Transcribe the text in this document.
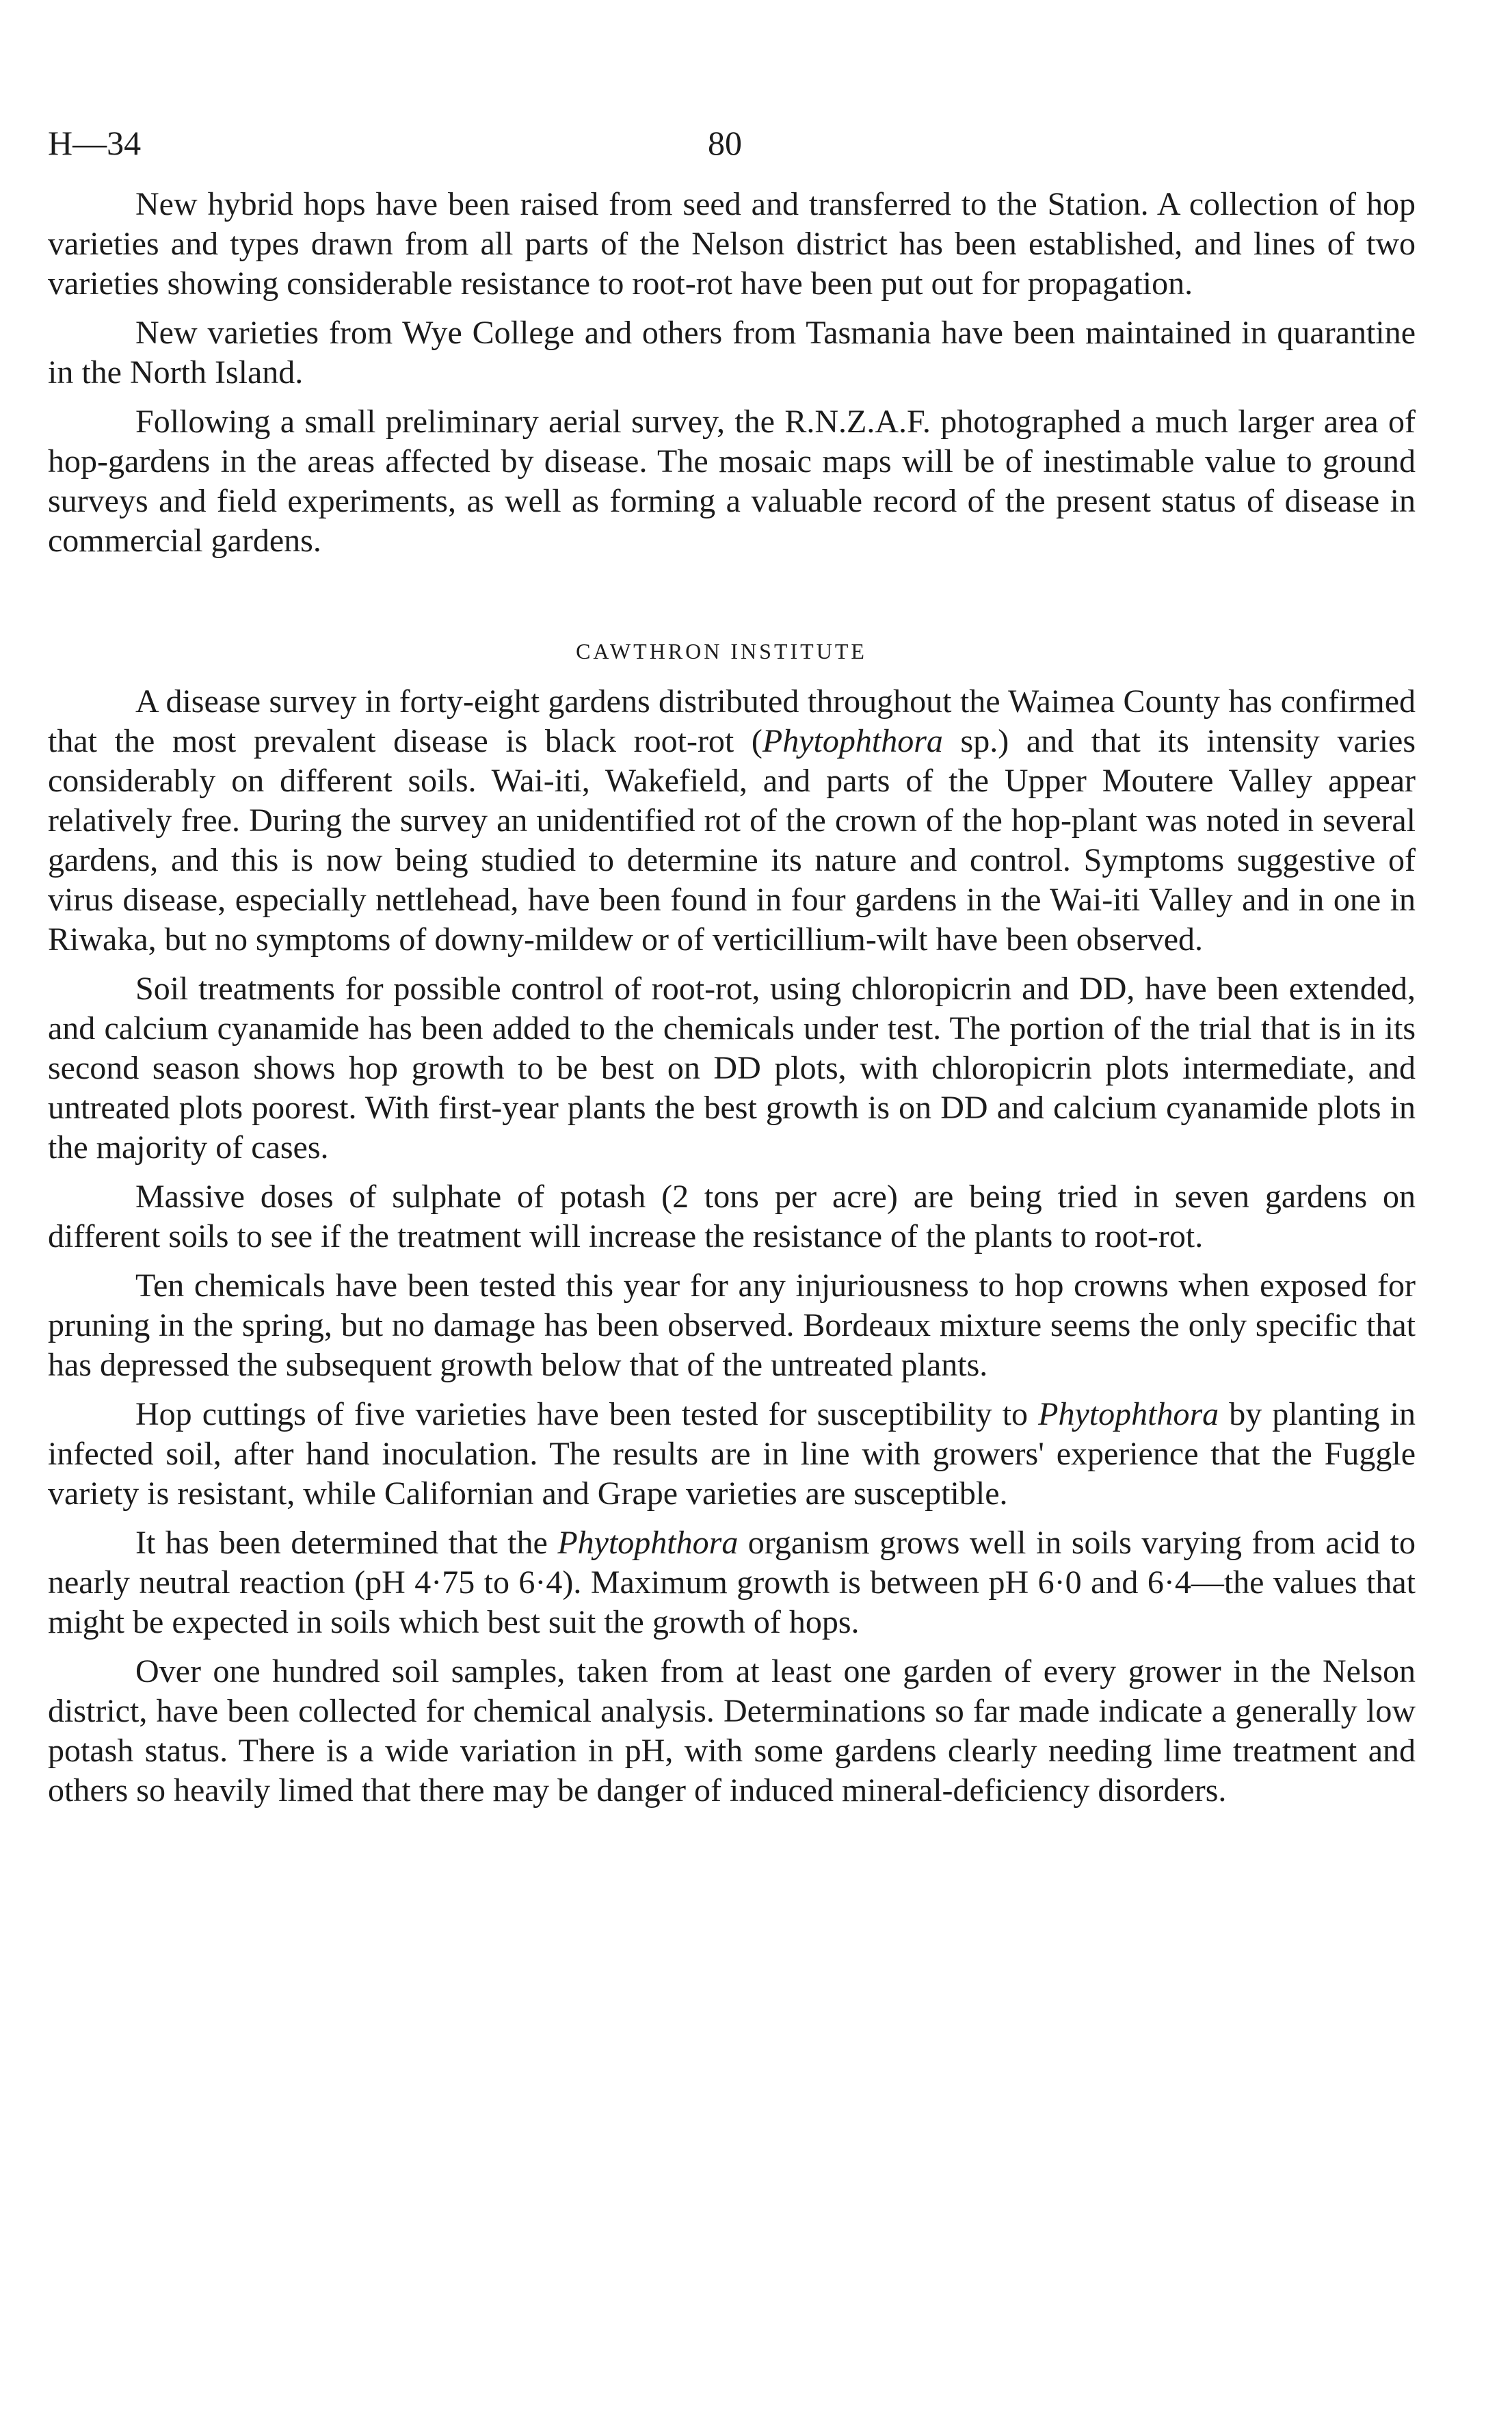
H—34	80

New hybrid hops have been raised from seed and transferred to the Station. A collection of hop varieties and types drawn from all parts of the Nelson district has been established, and lines of two varieties showing considerable resistance to root-rot have been put out for propagation.

New varieties from Wye College and others from Tasmania have been maintained in quarantine in the North Island.

Following a small preliminary aerial survey, the R.N.Z.A.F. photographed a much larger area of hop-gardens in the areas affected by disease. The mosaic maps will be of inestimable value to ground surveys and field experiments, as well as forming a valuable record of the present status of disease in commercial gardens.

CAWTHRON INSTITUTE

A disease survey in forty-eight gardens distributed throughout the Waimea County has confirmed that the most prevalent disease is black root-rot (Phytophthora sp.) and that its intensity varies considerably on different soils. Wai-iti, Wakefield, and parts of the Upper Moutere Valley appear relatively free. During the survey an unidentified rot of the crown of the hop-plant was noted in several gardens, and this is now being studied to determine its nature and control. Symptoms suggestive of virus disease, especially nettlehead, have been found in four gardens in the Wai-iti Valley and in one in Riwaka, but no symptoms of downy-mildew or of verticillium-wilt have been observed.

Soil treatments for possible control of root-rot, using chloropicrin and DD, have been extended, and calcium cyanamide has been added to the chemicals under test. The portion of the trial that is in its second season shows hop growth to be best on DD plots, with chloropicrin plots intermediate, and untreated plots poorest. With first-year plants the best growth is on DD and calcium cyanamide plots in the majority of cases.

Massive doses of sulphate of potash (2 tons per acre) are being tried in seven gardens on different soils to see if the treatment will increase the resistance of the plants to root-rot.

Ten chemicals have been tested this year for any injuriousness to hop crowns when exposed for pruning in the spring, but no damage has been observed. Bordeaux mixture seems the only specific that has depressed the subsequent growth below that of the untreated plants.

Hop cuttings of five varieties have been tested for susceptibility to Phytophthora by planting in infected soil, after hand inoculation. The results are in line with growers' experience that the Fuggle variety is resistant, while Californian and Grape varieties are susceptible.

It has been determined that the Phytophthora organism grows well in soils varying from acid to nearly neutral reaction (pH 4·75 to 6·4). Maximum growth is between pH 6·0 and 6·4—the values that might be expected in soils which best suit the growth of hops.

Over one hundred soil samples, taken from at least one garden of every grower in the Nelson district, have been collected for chemical analysis. Determinations so far made indicate a generally low potash status. There is a wide variation in pH, with some gardens clearly needing lime treatment and others so heavily limed that there may be danger of induced mineral-deficiency disorders.
